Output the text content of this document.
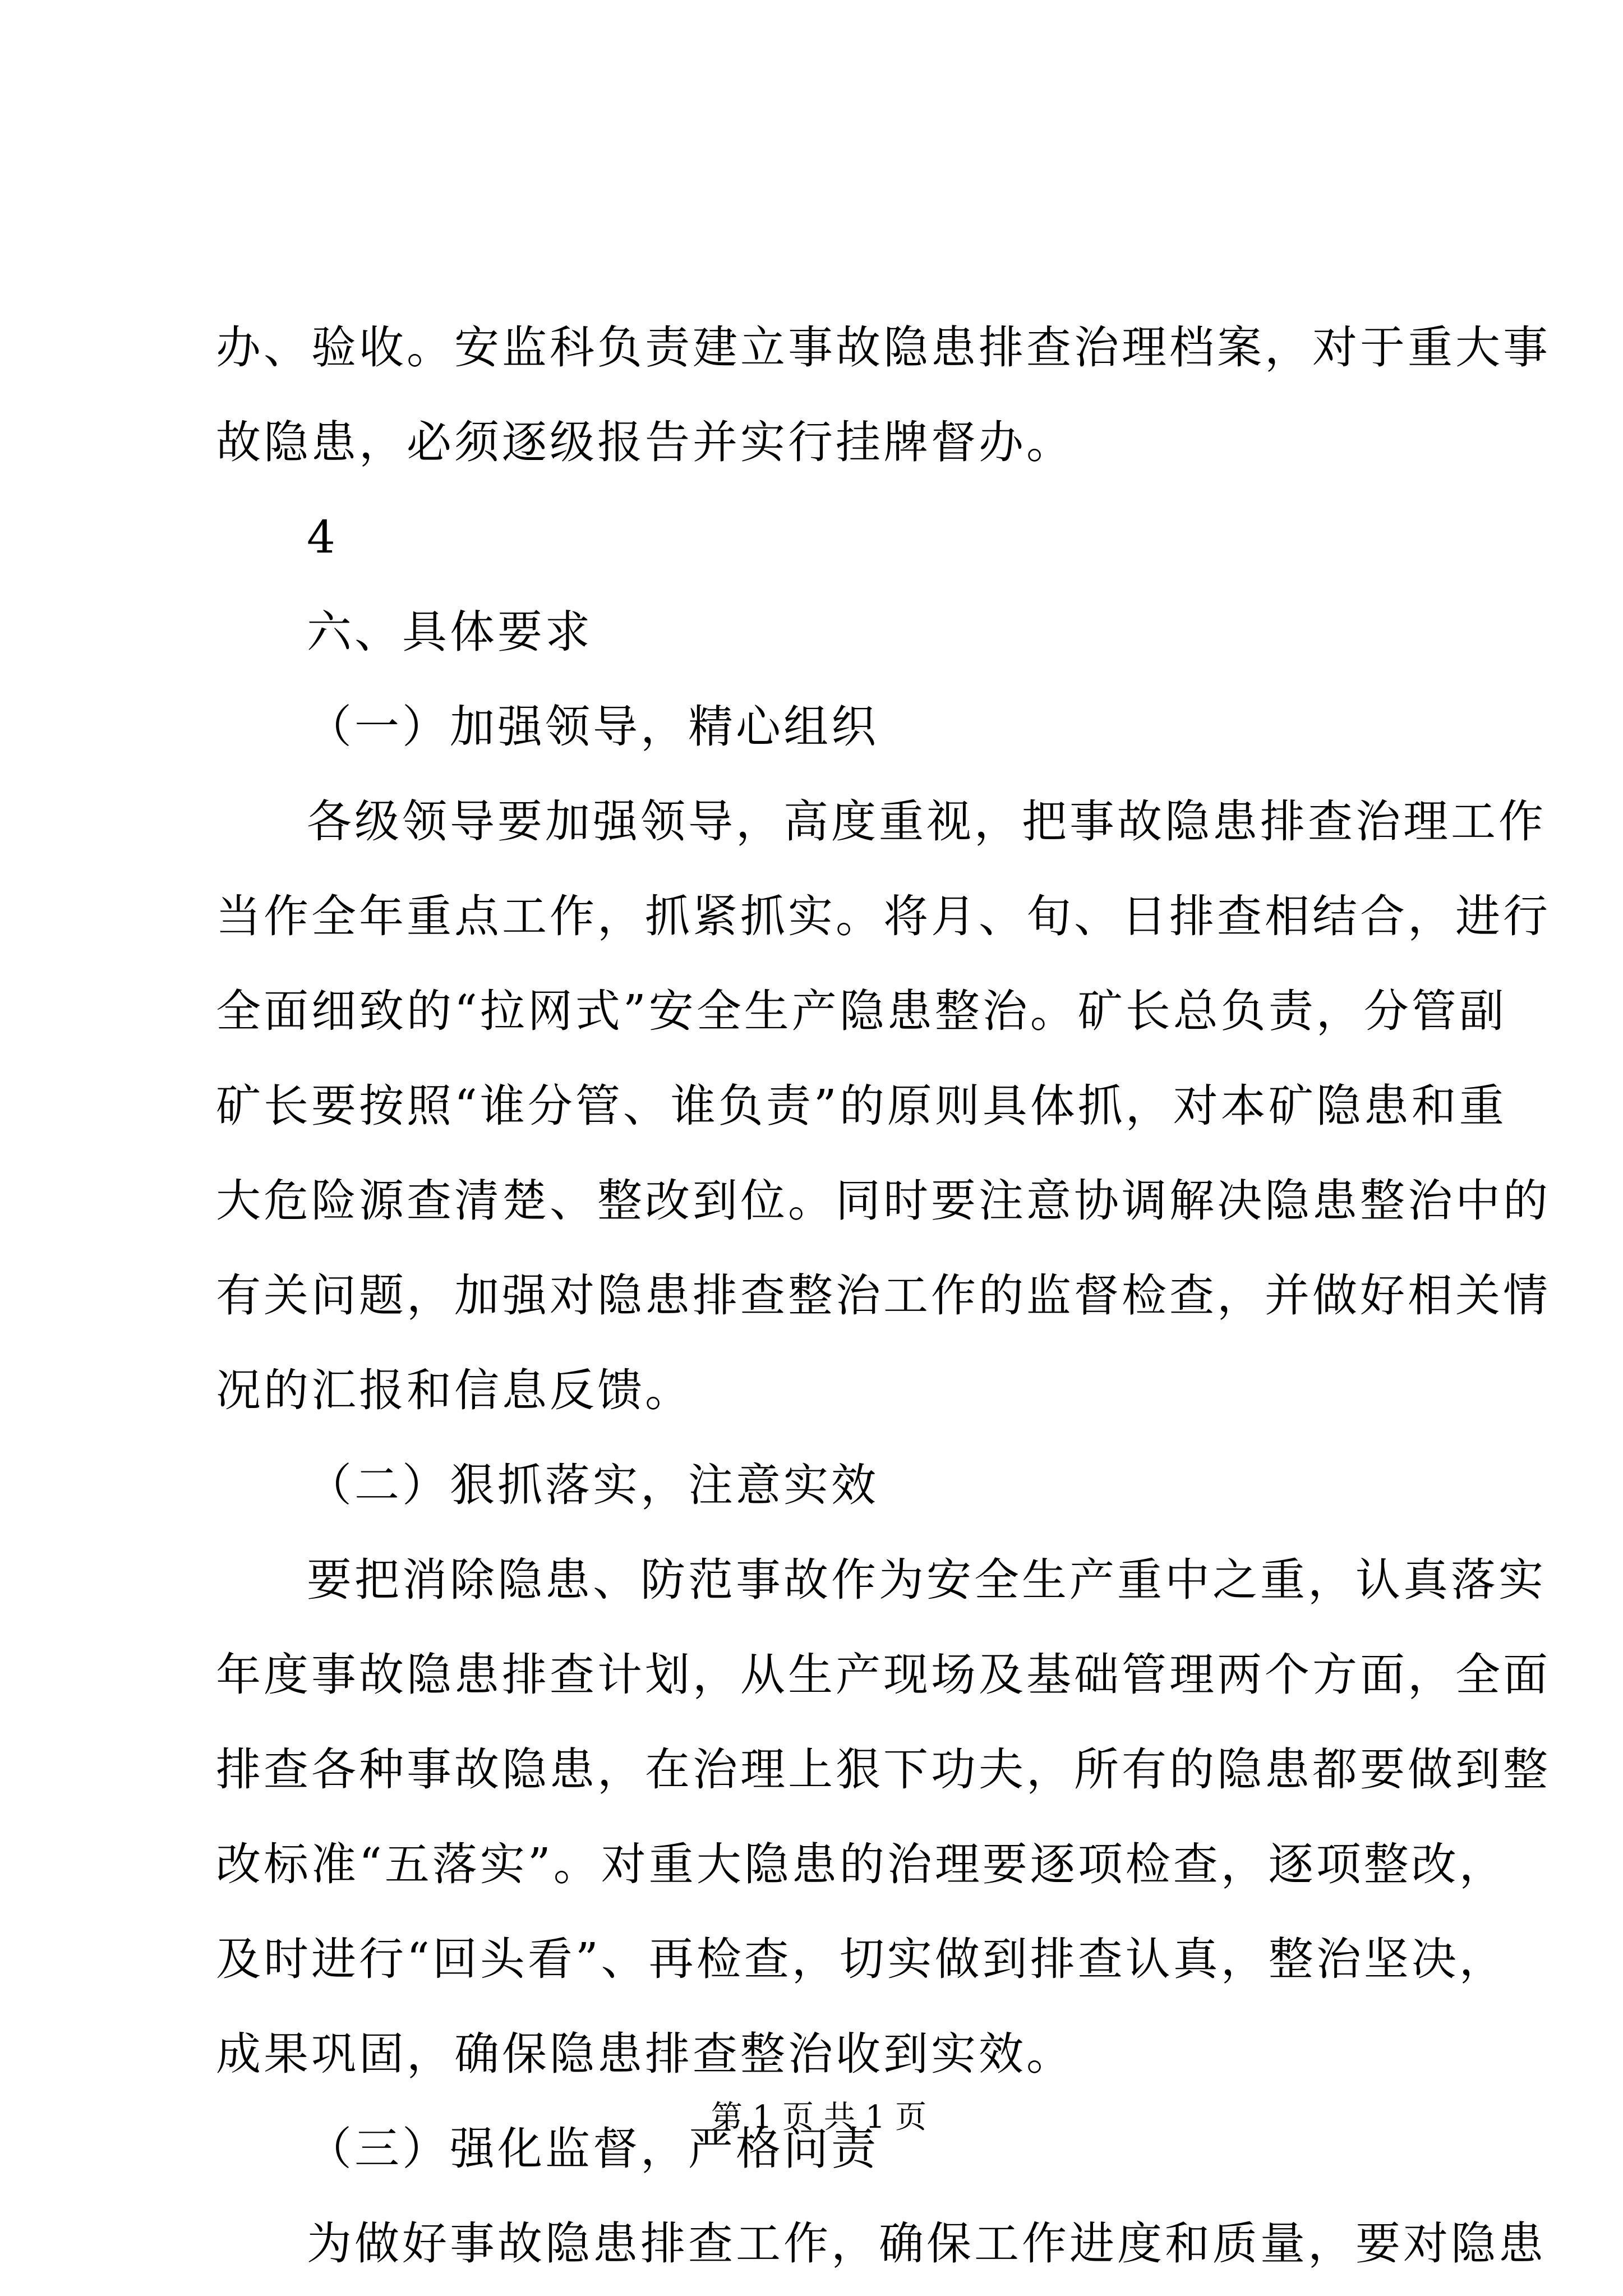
办、验收。安监科负责建立事故隐患排查治理档案，对于重大事
故隐患，必须逐级报告并实行挂牌督办。
4
六、具体要求
（一）加强领导，精心组织
各级领导要加强领导，高度重视，把事故隐患排查治理工作
当作全年重点工作，抓紧抓实。将月、旬、日排查相结合，进行
全面细致的“拉网式”安全生产隐患整治。矿长总负责，分管副
矿长要按照“谁分管、谁负责”的原则具体抓，对本矿隐患和重
大危险源查清楚、整改到位。同时要注意协调解决隐患整治中的
有关问题，加强对隐患排查整治工作的监督检查，并做好相关情
况的汇报和信息反馈。
（二）狠抓落实，注意实效
要把消除隐患、防范事故作为安全生产重中之重，认真落实
年度事故隐患排查计划，从生产现场及基础管理两个方面，全面
排查各种事故隐患，在治理上狠下功夫，所有的隐患都要做到整
改标准“五落实”。对重大隐患的治理要逐项检查，逐项整改，
及时进行“回头看”、再检查，切实做到排查认真，整治坚决，
成果巩固，确保隐患排查整治收到实效。
（三）强化监督，严格问责
为做好事故隐患排查工作，确保工作进度和质量，要对隐患
第 1 页 共 1 页
